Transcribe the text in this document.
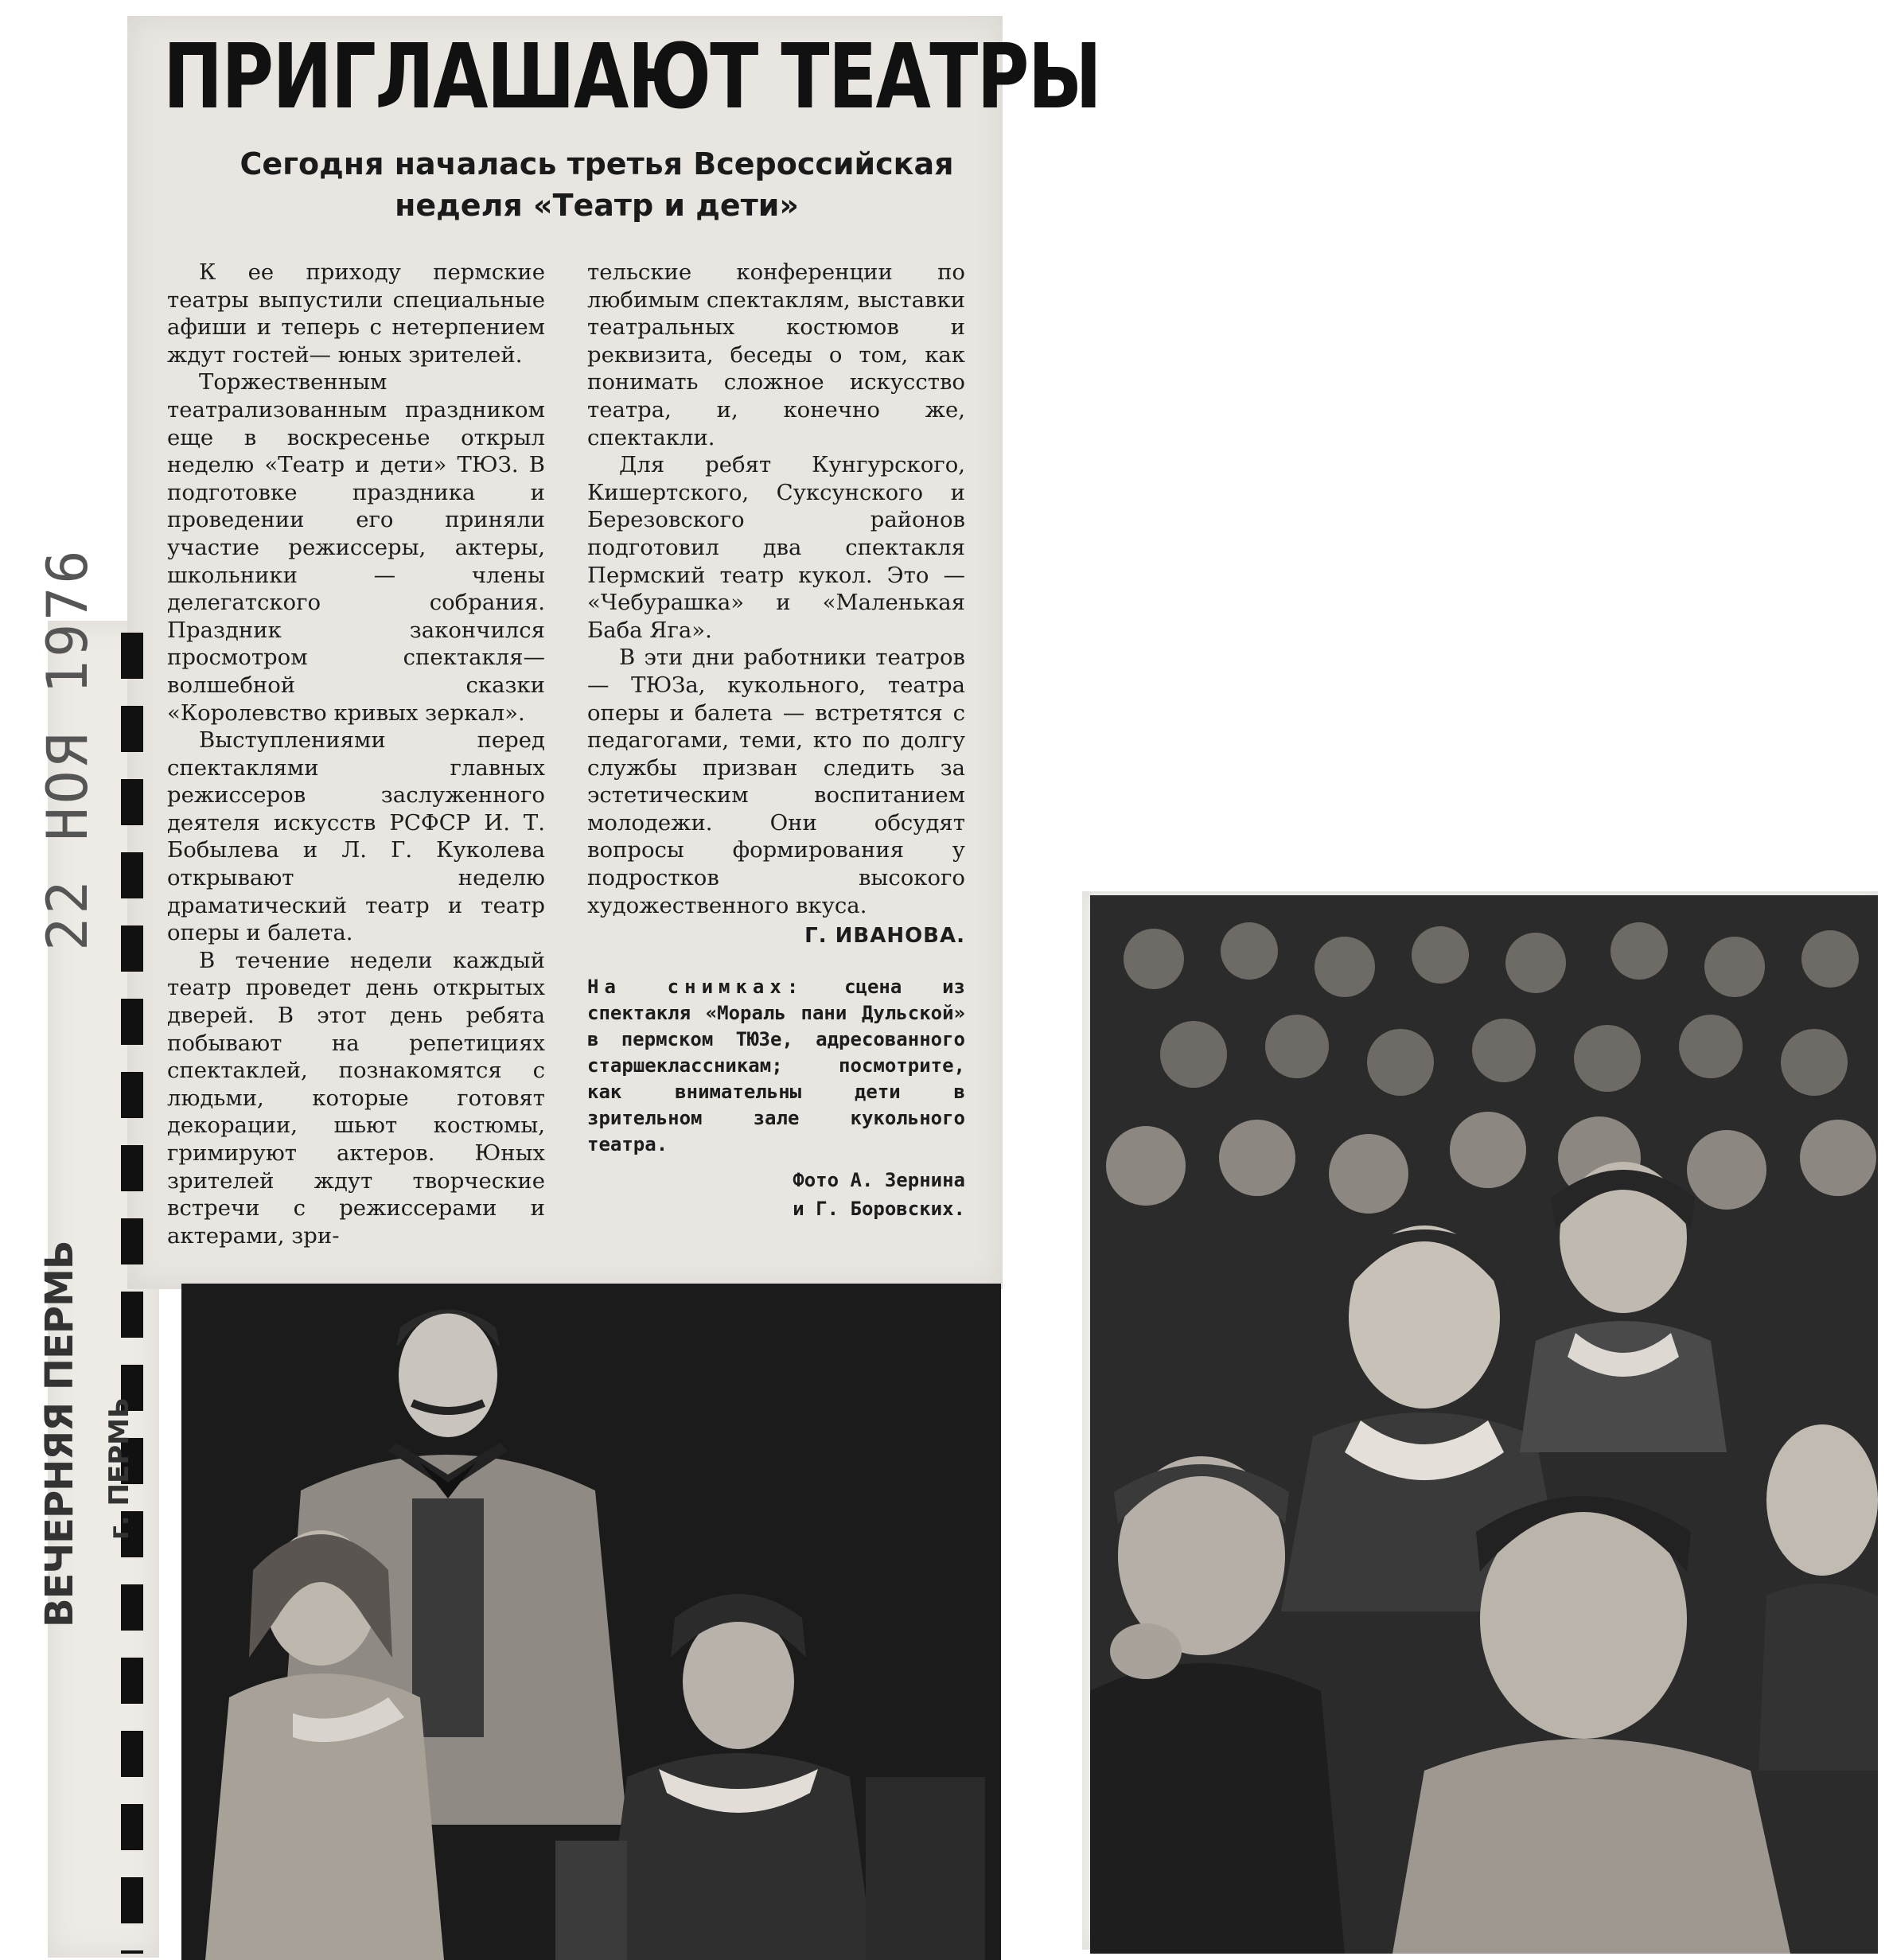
ПРИГЛАШАЮТ ТЕАТРЫ
Сегодня началась третья Всероссийская неделя «Театр и дети»

К ее приходу пермские театры выпустили специальные афиши и теперь с нетерпением ждут гостей— юных зрителей.

Торжественным театрализованным праздником еще в воскресенье открыл неделю «Театр и дети» ТЮЗ. В подготовке праздника и проведении его приняли участие режиссеры, актеры, школьники — члены делегатского собрания. Праздник закончился просмотром спектакля—волшебной сказки «Королевство кривых зеркал».

Выступлениями перед спектаклями главных режиссеров заслуженного деятеля искусств РСФСР И. Т. Бобылева и Л. Г. Куколева открывают неделю драматический театр и театр оперы и балета.

В течение недели каждый театр проведет день открытых дверей. В этот день ребята побывают на репетициях спектаклей, познакомятся с людьми, которые готовят декорации, шьют костюмы, гримируют актеров. Юных зрителей ждут творческие встречи с режиссерами и актерами, зри-

тельские конференции по любимым спектаклям, выставки театральных костюмов и реквизита, беседы о том, как понимать сложное искусство театра, и, конечно же, спектакли.

Для ребят Кунгурского, Кишертского, Суксунского и Березовского районов подготовил два спектакля Пермский театр кукол. Это — «Чебурашка» и «Маленькая Баба Яга».

В эти дни работники театров — ТЮЗа, кукольного, театра оперы и балета — встретятся с педагогами, теми, кто по долгу службы призван следить за эстетическим воспитанием молодежи. Они обсудят вопросы формирования у подростков высокого художественного вкуса.

Г. ИВАНОВА.
На снимках: сцена из спектакля «Мораль пани Дульской» в пермском ТЮЗе, адресованного старшеклассникам; посмотрите, как внимательны дети в зрительном зале кукольного театра.
Фото А. Зернина
и Г. Боровских.
22 НОЯ 1976
ВЕЧЕРНЯЯ ПЕРМЬ г. ПЕРМЬ
